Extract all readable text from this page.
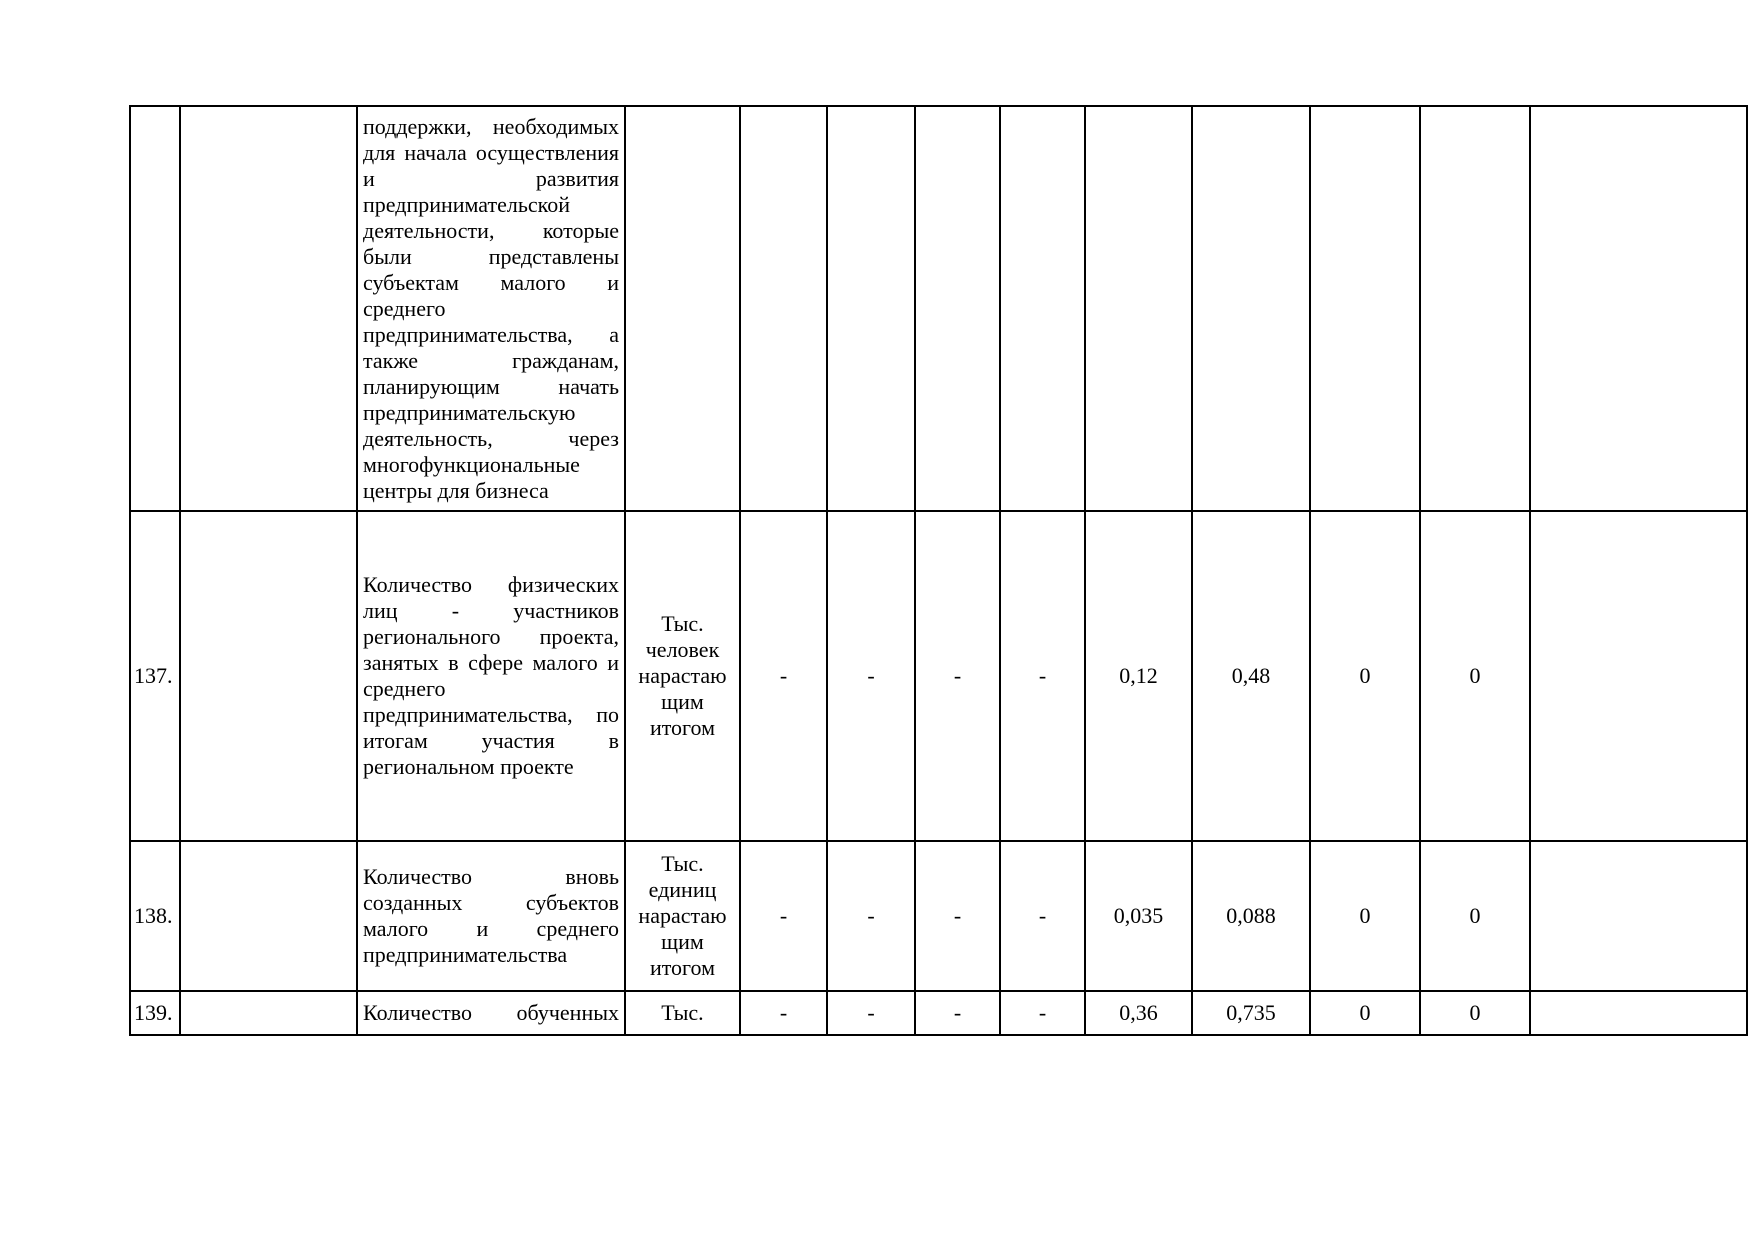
		поддержки, необходимых для начала осуществления и развития предпринимательской деятельности, которые были представлены субъектам малого и среднего предпринимательства, а также гражданам, планирующим начать предпринимательскую деятельность, через многофункциональные центры для бизнеса										
137.		Количество физических лиц - участников регионального проекта, занятых в сфере малого и среднего предпринимательства, по итогам участия в региональном проекте	Тыс. человек нарастающим итогом	-	-	-	-	0,12	0,48	0	0	
138.		Количество вновь созданных субъектов малого и среднего предпринимательства	Тыс. единиц нарастающим итогом	-	-	-	-	0,035	0,088	0	0	
139.		Количество обученных	Тыс.	-	-	-	-	0,36	0,735	0	0	
